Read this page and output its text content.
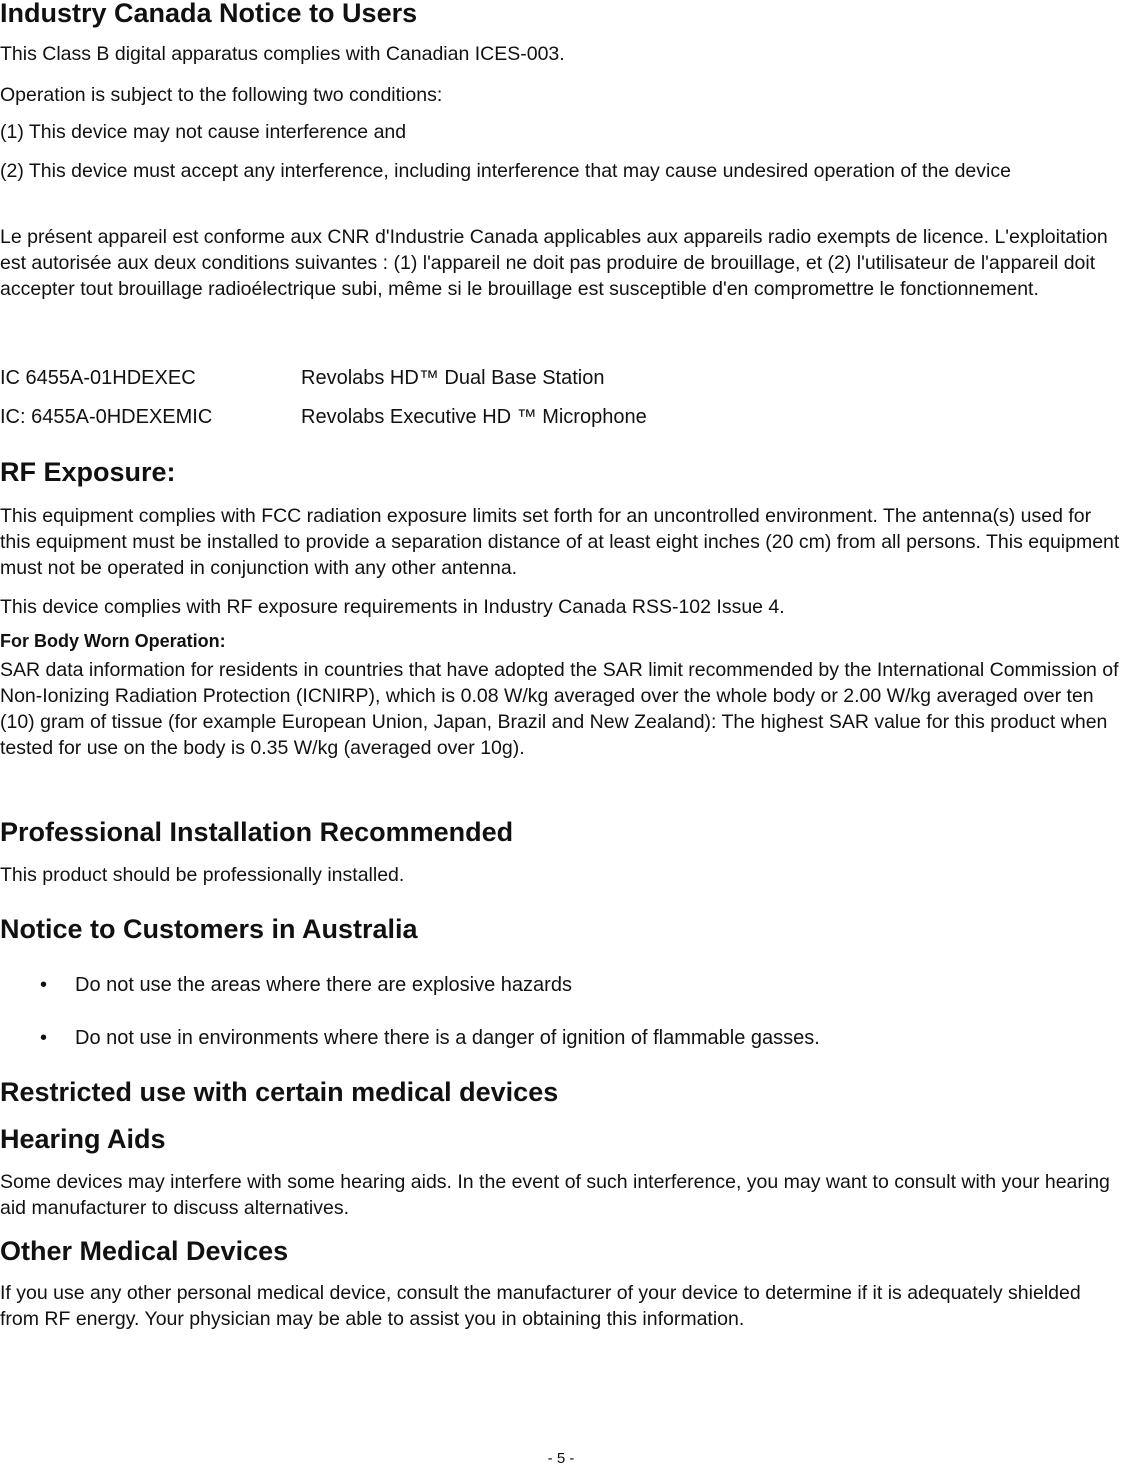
Industry Canada Notice to Users

This Class B digital apparatus complies with Canadian ICES-003.

Operation is subject to the following two conditions:

(1) This device may not cause interference and

(2) This device must accept any interference, including interference that may cause undesired operation of the device

Le présent appareil est conforme aux CNR d'Industrie Canada applicables aux appareils radio exempts de licence. L'exploitation est autorisée aux deux conditions suivantes : (1) l'appareil ne doit pas produire de brouillage, et (2) l'utilisateur de l'appareil doit accepter tout brouillage radioélectrique subi, même si le brouillage est susceptible d'en compromettre le fonctionnement.

IC 6455A-01HDEXEC	Revolabs HD™ Dual Base Station
IC: 6455A-0HDEXEMIC	Revolabs Executive HD ™ Microphone
RF Exposure:

This equipment complies with FCC radiation exposure limits set forth for an uncontrolled environment. The antenna(s) used for this equipment must be installed to provide a separation distance of at least eight inches (20 cm) from all persons. This equipment must not be operated in conjunction with any other antenna.

This device complies with RF exposure requirements in Industry Canada RSS-102 Issue 4.

For Body Worn Operation:

SAR data information for residents in countries that have adopted the SAR limit recommended by the International Commission of Non-Ionizing Radiation Protection (ICNIRP), which is 0.08 W/kg averaged over the whole body or 2.00 W/kg averaged over ten (10) gram of tissue (for example European Union, Japan, Brazil and New Zealand): The highest SAR value for this product when tested for use on the body is 0.35 W/kg (averaged over 10g).

Professional Installation Recommended

This product should be professionally installed.

Notice to Customers in Australia
• Do not use the areas where there are explosive hazards
• Do not use in environments where there is a danger of ignition of flammable gasses.
Restricted use with certain medical devices
Hearing Aids

Some devices may interfere with some hearing aids. In the event of such interference, you may want to consult with your hearing aid manufacturer to discuss alternatives.

Other Medical Devices

If you use any other personal medical device, consult the manufacturer of your device to determine if it is adequately shielded from RF energy. Your physician may be able to assist you in obtaining this information.

- 5 -
